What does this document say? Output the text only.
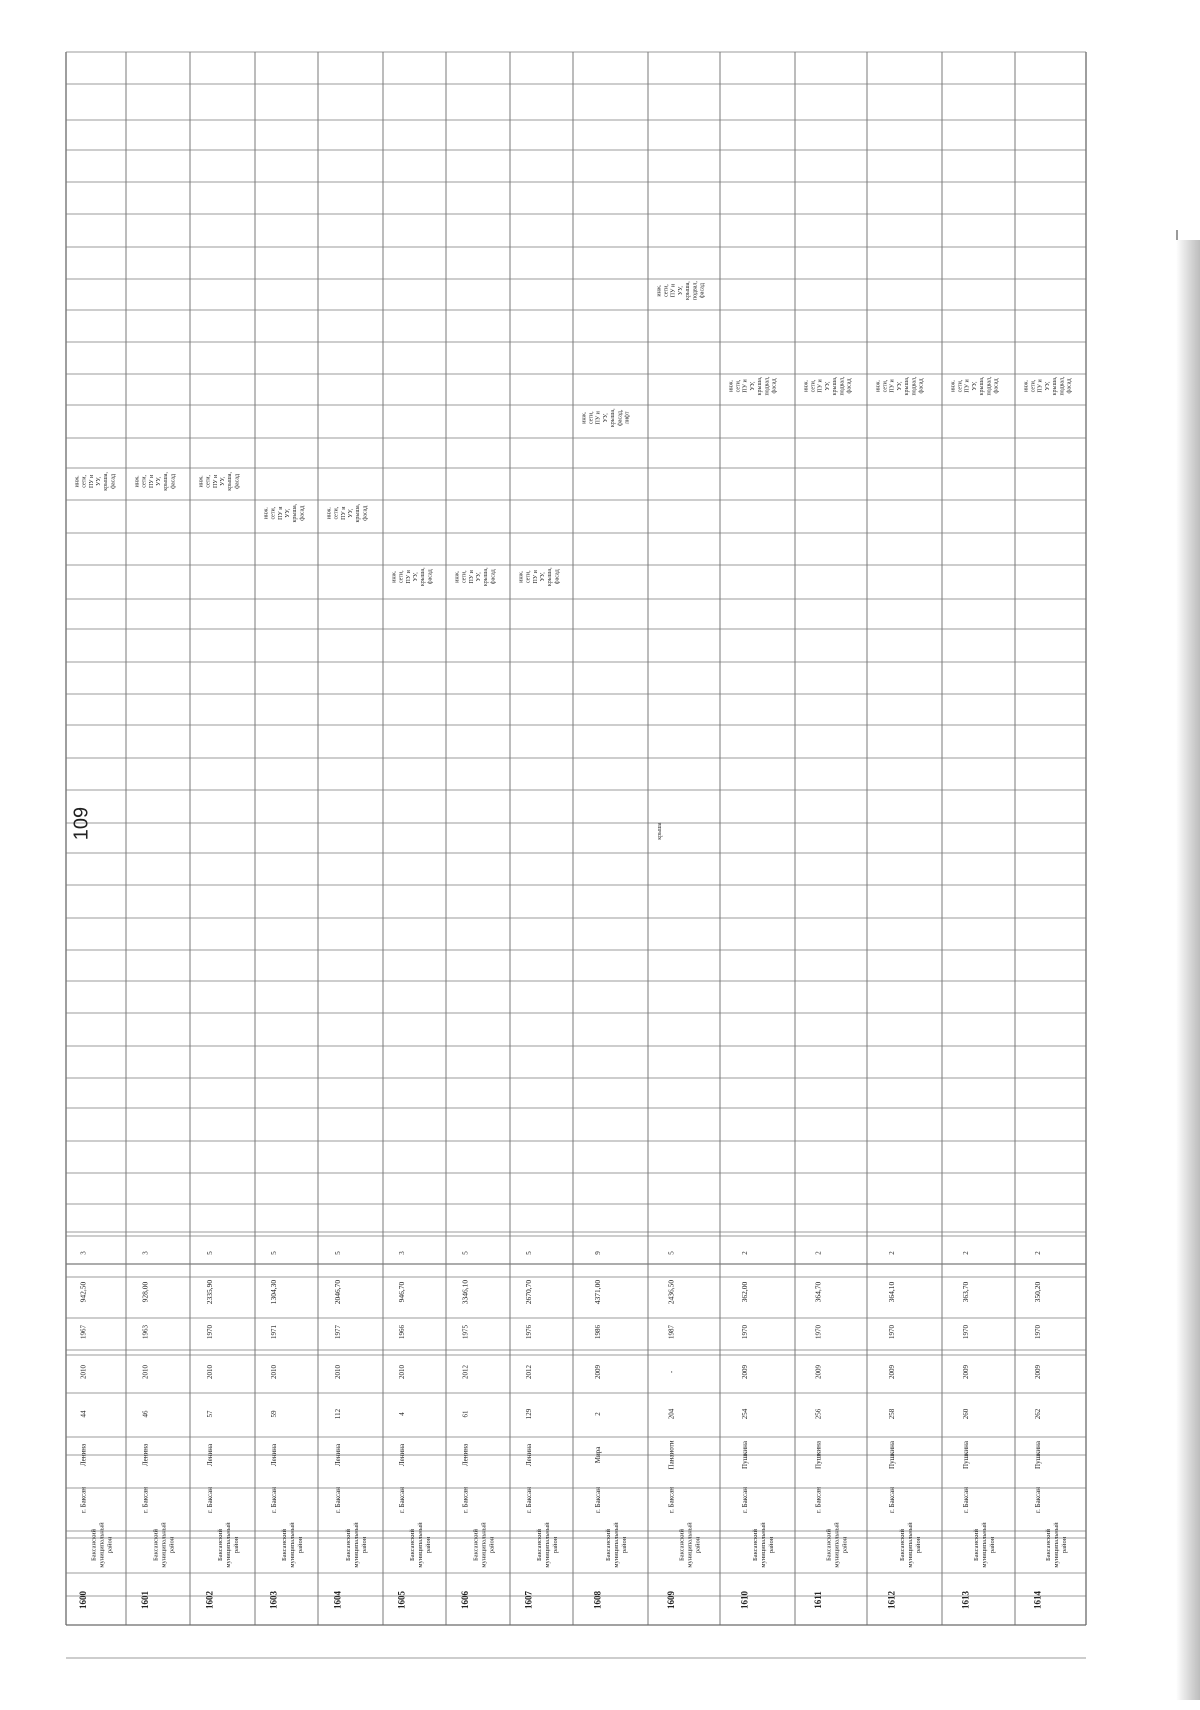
109
1600
Баксанский муниципальный район
г. Баксан
Ленина
44
2010
1967
942,50
3
инж. сети, ПУ и УУ, крыша, фасад
1601
Баксанский муниципальный район
г. Баксан
Ленина
46
2010
1963
928,00
3
инж. сети, ПУ и УУ, крыша, фасад
1602
Баксанский муниципальный район
г. Баксан
Ленина
57
2010
1970
2335,90
5
инж. сети, ПУ и УУ, крыша, фасад
1603
Баксанский муниципальный район
г. Баксан
Ленина
59
2010
1971
1304,30
5
инж. сети, ПУ и УУ, крыша, фасад
1604
Баксанский муниципальный район
г. Баксан
Ленина
112
2010
1977
2046,70
5
инж. сети, ПУ и УУ, крыша, фасад
1605
Баксанский муниципальный район
г. Баксан
Ленина
4
2010
1966
946,70
3
инж. сети, ПУ и УУ, крыша, фасад
1606
Баксанский муниципальный район
г. Баксан
Ленина
61
2012
1975
3346,10
5
инж. сети, ПУ и УУ, крыша, фасад
1607
Баксанский муниципальный район
г. Баксан
Ленина
129
2012
1976
2670,70
5
инж. сети, ПУ и УУ, крыша, фасад
1608
Баксанский муниципальный район
г. Баксан
Мира
2
2009
1986
4371,00
9
инж. сети, ПУ и УУ, крыша, фасад, лифт
1609
Баксанский муниципальный район
г. Баксан
Панаиоти
204
-
1987
2436,50
5
крыша
инж. сети, ПУ и УУ, крыша, подвал, фасад
1610
Баксанский муниципальный район
г. Баксан
Пушкина
254
2009
1970
362,00
2
инж. сети, ПУ и УУ, крыша, подвал, фасад
1611
Баксанский муниципальный район
г. Баксан
Пушкина
256
2009
1970
364,70
2
инж. сети, ПУ и УУ, крыша, подвал, фасад
1612
Баксанский муниципальный район
г. Баксан
Пушкина
258
2009
1970
364,10
2
инж. сети, ПУ и УУ, крыша, подвал, фасад
1613
Баксанский муниципальный район
г. Баксан
Пушкина
260
2009
1970
363,70
2
инж. сети, ПУ и УУ, крыша, подвал, фасад
1614
Баксанский муниципальный район
г. Баксан
Пушкина
262
2009
1970
350,20
2
инж. сети, ПУ и УУ, крыша, подвал, фасад
